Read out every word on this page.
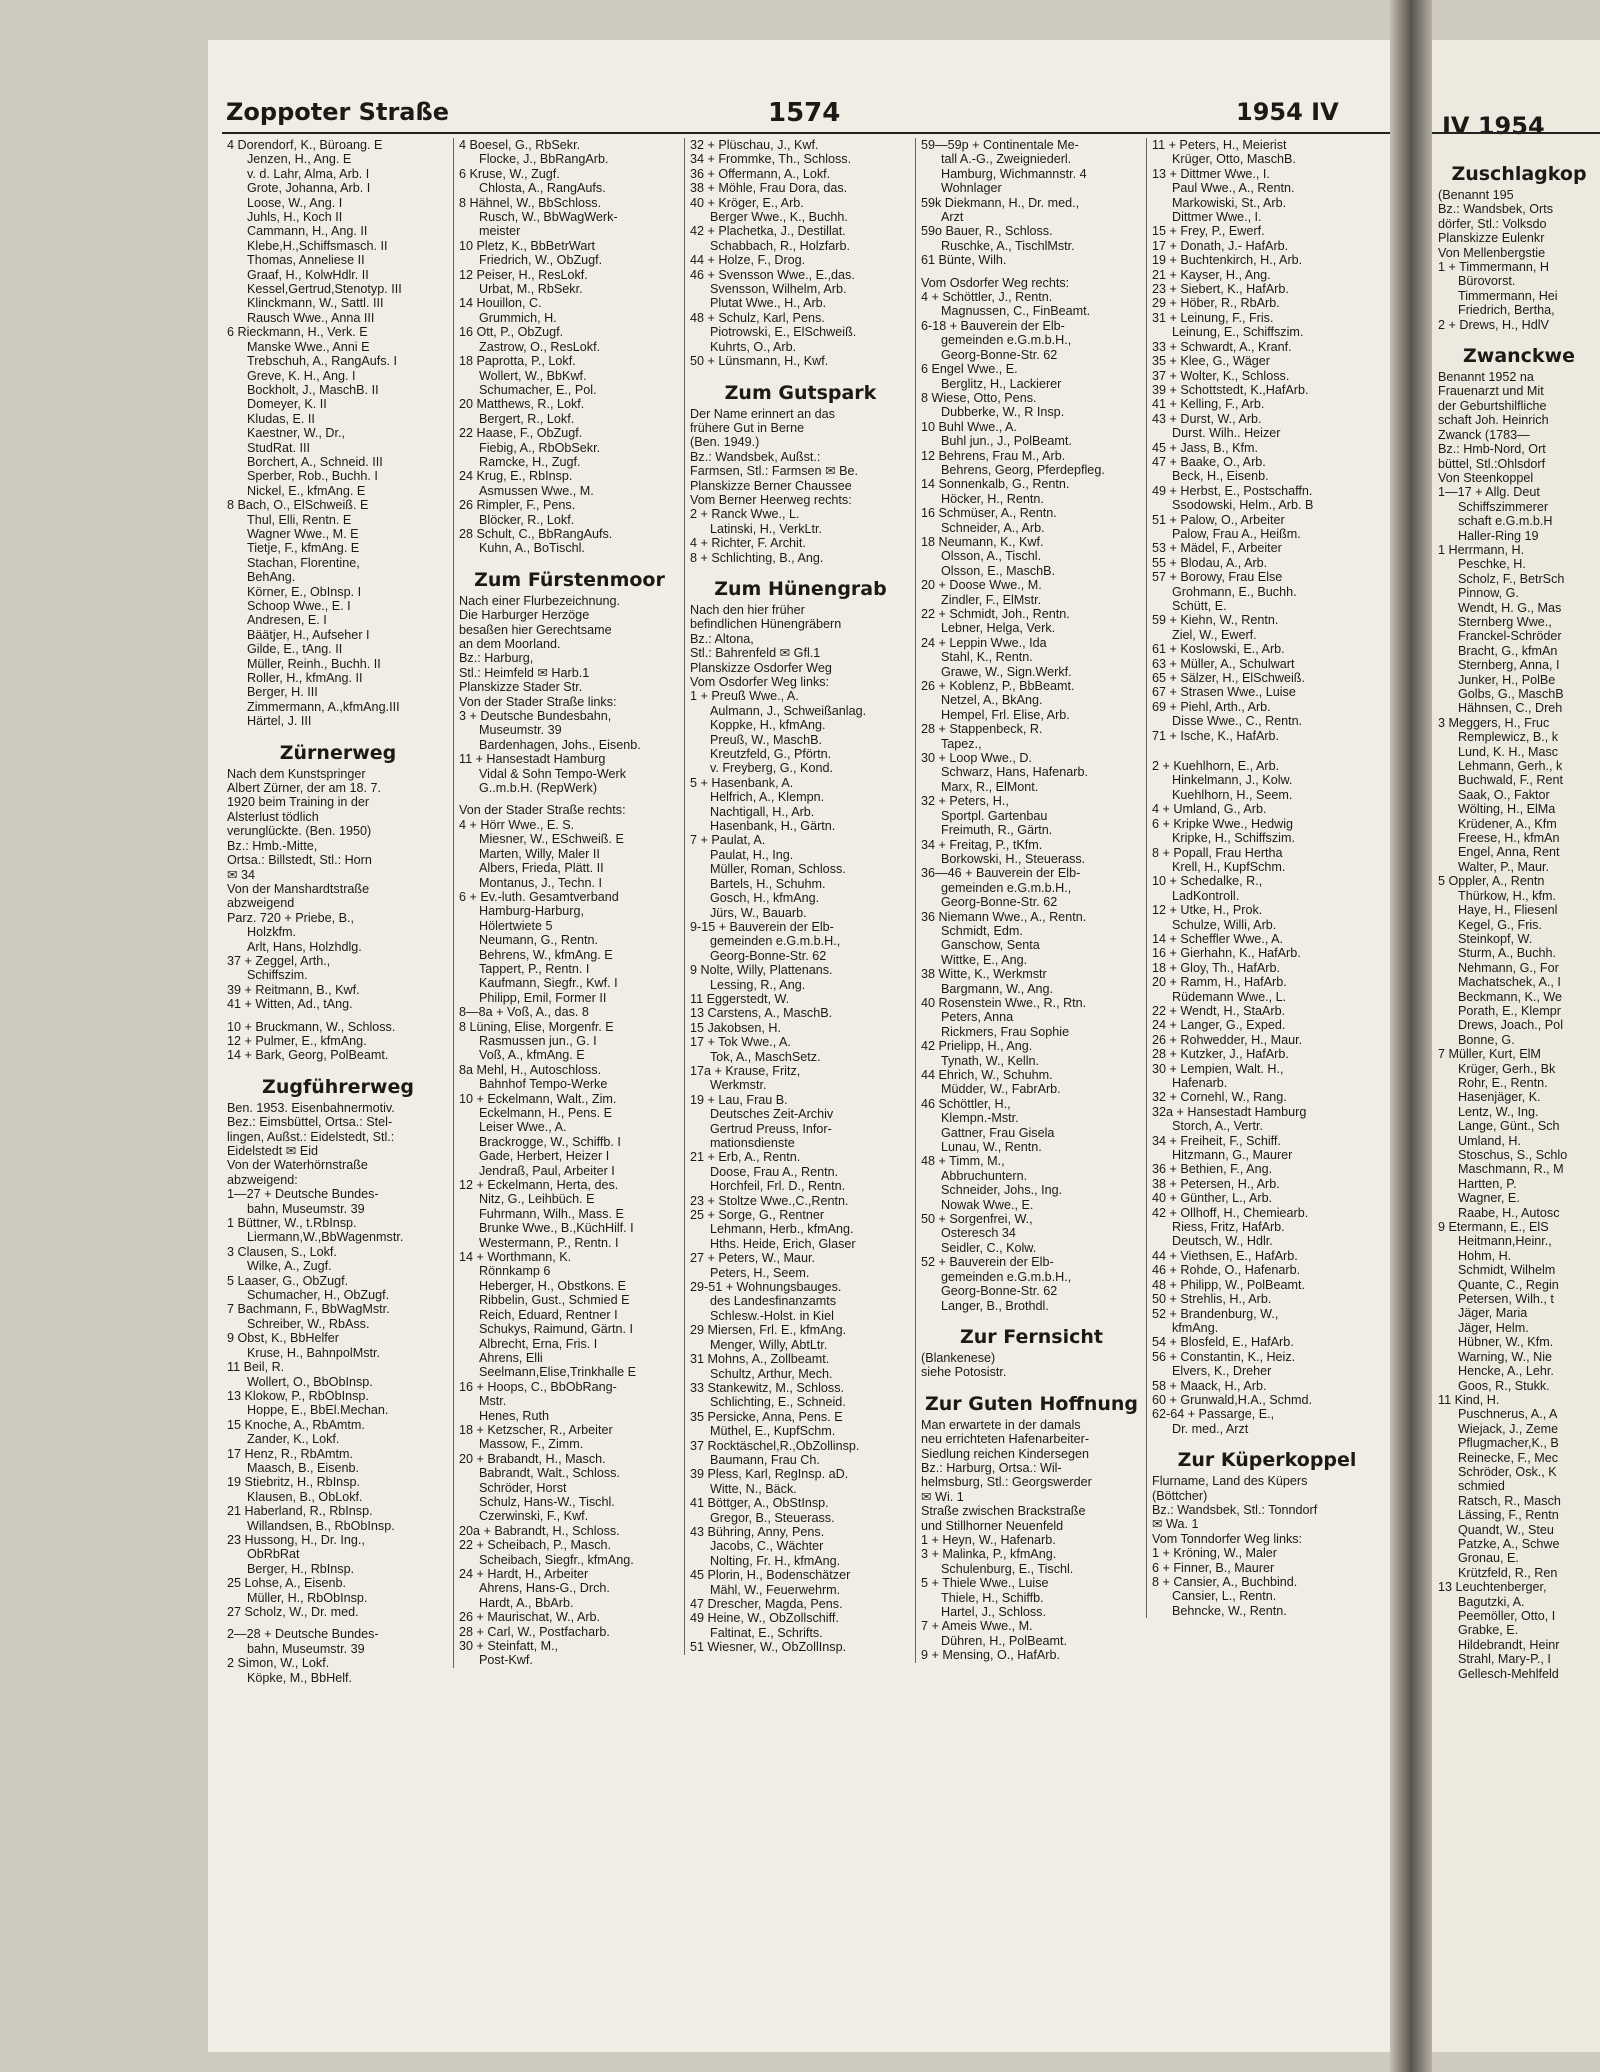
Zoppoter Straße	1574	1954 IV
4 Dorendorf, K., Büroang. E
Jenzen, H., Ang. E
v. d. Lahr, Alma, Arb. I
Grote, Johanna, Arb. I
Loose, W., Ang. I
Juhls, H., Koch II
Cammann, H., Ang. II
Klebe,H.,Schiffsmasch. II
Thomas, Anneliese II
Graaf, H., KolwHdlr. II
Kessel,Gertrud,Stenotyp. III
Klinckmann, W., Sattl. III
Rausch Wwe., Anna III
6 Rieckmann, H., Verk. E
Manske Wwe., Anni E
Trebschuh, A., RangAufs. I
Greve, K. H., Ang. I
Bockholt, J., MaschB. II
Domeyer, K. II
Kludas, E. II
Kaestner, W., Dr.,
StudRat. III
Borchert, A., Schneid. III
Sperber, Rob., Buchh. I
Nickel, E., kfmAng. E
8 Bach, O., ElSchweiß. E
Thul, Elli, Rentn. E
Wagner Wwe., M. E
Tietje, F., kfmAng. E
Stachan, Florentine,
BehAng.
Körner, E., ObInsp. I
Schoop Wwe., E. I
Andresen, E. I
Bäätjer, H., Aufseher I
Gilde, E., tAng. II
Müller, Reinh., Buchh. II
Roller, H., kfmAng. II
Berger, H. III
Zimmermann, A.,kfmAng.III
Härtel, J. III
Zürnerweg
Nach dem Kunstspringer
Albert Zürner, der am 18. 7.
1920 beim Training in der
Alsterlust tödlich
verunglückte. (Ben. 1950)
Bz.: Hmb.-Mitte,
Ortsa.: Billstedt, Stl.: Horn
✉ 34
Von der Manshardtstraße
abzweigend
Parz. 720 + Priebe, B.,
Holzkfm.
Arlt, Hans, Holzhdlg.
37 + Zeggel, Arth.,
Schiffszim.
39 + Reitmann, B., Kwf.
41 + Witten, Ad., tAng.
10 + Bruckmann, W., Schloss.
12 + Pulmer, E., kfmAng.
14 + Bark, Georg, PolBeamt.
Zugführerweg
Ben. 1953. Eisenbahnermotiv.
Bez.: Eimsbüttel, Ortsa.: Stel-
lingen, Außst.: Eidelstedt, Stl.:
Eidelstedt ✉ Eid
Von der Waterhörnstraße
abzweigend:
1—27 + Deutsche Bundes-
bahn, Museumstr. 39
1 Büttner, W., t.RbInsp.
Liermann,W.,BbWagenmstr.
3 Clausen, S., Lokf.
Wilke, A., Zugf.
5 Laaser, G., ObZugf.
Schumacher, H., ObZugf.
7 Bachmann, F., BbWagMstr.
Schreiber, W., RbAss.
9 Obst, K., BbHelfer
Kruse, H., BahnpolMstr.
11 Beil, R.
Wollert, O., BbObInsp.
13 Klokow, P., RbObInsp.
Hoppe, E., BbEl.Mechan.
15 Knoche, A., RbAmtm.
Zander, K., Lokf.
17 Henz, R., RbAmtm.
Maasch, B., Eisenb.
19 Stiebritz, H., RbInsp.
Klausen, B., ObLokf.
21 Haberland, R., RbInsp.
Willandsen, B., RbObInsp.
23 Hussong, H., Dr. Ing.,
ObRbRat
Berger, H., RbInsp.
25 Lohse, A., Eisenb.
Müller, H., RbObInsp.
27 Scholz, W., Dr. med.
2—28 + Deutsche Bundes-
bahn, Museumstr. 39
2 Simon, W., Lokf.
Köpke, M., BbHelf.
4 Boesel, G., RbSekr.
Flocke, J., BbRangArb.
6 Kruse, W., Zugf.
Chlosta, A., RangAufs.
8 Hähnel, W., BbSchloss.
Rusch, W., BbWagWerk-
meister
10 Pletz, K., BbBetrWart
Friedrich, W., ObZugf.
12 Peiser, H., ResLokf.
Urbat, M., RbSekr.
14 Houillon, C.
Grummich, H.
16 Ott, P., ObZugf.
Zastrow, O., ResLokf.
18 Paprotta, P., Lokf.
Wollert, W., BbKwf.
Schumacher, E., Pol.
20 Matthews, R., Lokf.
Bergert, R., Lokf.
22 Haase, F., ObZugf.
Fiebig, A., RbObSekr.
Ramcke, H., Zugf.
24 Krug, E., RbInsp.
Asmussen Wwe., M.
26 Rimpler, F., Pens.
Blöcker, R., Lokf.
28 Schult, C., BbRangAufs.
Kuhn, A., BoTischl.
Zum Fürstenmoor
Nach einer Flurbezeichnung.
Die Harburger Herzöge
besaßen hier Gerechtsame
an dem Moorland.
Bz.: Harburg,
Stl.: Heimfeld ✉ Harb.1
Planskizze Stader Str.
Von der Stader Straße links:
3 + Deutsche Bundesbahn,
Museumstr. 39
Bardenhagen, Johs., Eisenb.
11 + Hansestadt Hamburg
Vidal & Sohn Tempo-Werk
G..m.b.H. (RepWerk)
Von der Stader Straße rechts:
4 + Hörr Wwe., E. S.
Miesner, W., ESchweiß. E
Marten, Willy, Maler II
Albers, Frieda, Plätt. II
Montanus, J., Techn. I
6 + Ev.-luth. Gesamtverband
Hamburg-Harburg,
Hölertwiete 5
Neumann, G., Rentn.
Behrens, W., kfmAng. E
Tappert, P., Rentn. I
Kaufmann, Siegfr., Kwf. I
Philipp, Emil, Former II
8—8a + Voß, A., das. 8
8 Lüning, Elise, Morgenfr. E
Rasmussen jun., G. I
Voß, A., kfmAng. E
8a Mehl, H., Autoschloss.
Bahnhof Tempo-Werke
10 + Eckelmann, Walt., Zim.
Eckelmann, H., Pens. E
Leiser Wwe., A.
Brackrogge, W., Schiffb. I
Gade, Herbert, Heizer I
Jendraß, Paul, Arbeiter I
12 + Eckelmann, Herta, des.
Nitz, G., Leihbüch. E
Fuhrmann, Wilh., Mass. E
Brunke Wwe., B.,KüchHilf. I
Westermann, P., Rentn. I
14 + Worthmann, K.
Rönnkamp 6
Heberger, H., Obstkons. E
Ribbelin, Gust., Schmied E
Reich, Eduard, Rentner I
Schukys, Raimund, Gärtn. I
Albrecht, Erna, Fris. I
Ahrens, Elli
Seelmann,Elise,Trinkhalle E
16 + Hoops, C., BbObRang-
Mstr.
Henes, Ruth
18 + Ketzscher, R., Arbeiter
Massow, F., Zimm.
20 + Brabandt, H., Masch.
Babrandt, Walt., Schloss.
Schröder, Horst
Schulz, Hans-W., Tischl.
Czerwinski, F., Kwf.
20a + Babrandt, H., Schloss.
22 + Scheibach, P., Masch.
Scheibach, Siegfr., kfmAng.
24 + Hardt, H., Arbeiter
Ahrens, Hans-G., Drch.
Hardt, A., BbArb.
26 + Maurischat, W., Arb.
28 + Carl, W., Postfacharb.
30 + Steinfatt, M.,
Post-Kwf.
32 + Plüschau, J., Kwf.
34 + Frommke, Th., Schloss.
36 + Offermann, A., Lokf.
38 + Möhle, Frau Dora, das.
40 + Kröger, E., Arb.
Berger Wwe., K., Buchh.
42 + Plachetka, J., Destillat.
Schabbach, R., Holzfarb.
44 + Holze, F., Drog.
46 + Svensson Wwe., E.,das.
Svensson, Wilhelm, Arb.
Plutat Wwe., H., Arb.
48 + Schulz, Karl, Pens.
Piotrowski, E., ElSchweiß.
Kuhrts, O., Arb.
50 + Lünsmann, H., Kwf.
Zum Gutspark
Der Name erinnert an das
frühere Gut in Berne
(Ben. 1949.)
Bz.: Wandsbek, Außst.:
Farmsen, Stl.: Farmsen ✉ Be.
Planskizze Berner Chaussee
Vom Berner Heerweg rechts:
2 + Ranck Wwe., L.
Latinski, H., VerkLtr.
4 + Richter, F. Archit.
8 + Schlichting, B., Ang.
Zum Hünengrab
Nach den hier früher
befindlichen Hünengräbern
Bz.: Altona,
Stl.: Bahrenfeld ✉ Gfl.1
Planskizze Osdorfer Weg
Vom Osdorfer Weg links:
1 + Preuß Wwe., A.
Aulmann, J., Schweißanlag.
Koppke, H., kfmAng.
Preuß, W., MaschB.
Kreutzfeld, G., Pförtn.
v. Freyberg, G., Kond.
5 + Hasenbank, A.
Helfrich, A., Klempn.
Nachtigall, H., Arb.
Hasenbank, H., Gärtn.
7 + Paulat, A.
Paulat, H., Ing.
Müller, Roman, Schloss.
Bartels, H., Schuhm.
Gosch, H., kfmAng.
Jürs, W., Bauarb.
9-15 + Bauverein der Elb-
gemeinden e.G.m.b.H.,
Georg-Bonne-Str. 62
9 Nolte, Willy, Plattenans.
Lessing, R., Ang.
11 Eggerstedt, W.
13 Carstens, A., MaschB.
15 Jakobsen, H.
17 + Tok Wwe., A.
Tok, A., MaschSetz.
17a + Krause, Fritz,
Werkmstr.
19 + Lau, Frau B.
Deutsches Zeit-Archiv
Gertrud Preuss, Infor-
mationsdienste
21 + Erb, A., Rentn.
Doose, Frau A., Rentn.
Horchfeil, Frl. D., Rentn.
23 + Stoltze Wwe.,C.,Rentn.
25 + Sorge, G., Rentner
Lehmann, Herb., kfmAng.
Hths. Heide, Erich, Glaser
27 + Peters, W., Maur.
Peters, H., Seem.
29-51 + Wohnungsbauges.
des Landesfinanzamts
Schlesw.-Holst. in Kiel
29 Miersen, Frl. E., kfmAng.
Menger, Willy, AbtLtr.
31 Mohns, A., Zollbeamt.
Schultz, Arthur, Mech.
33 Stankewitz, M., Schloss.
Schlichting, E., Schneid.
35 Persicke, Anna, Pens. E
Müthel, E., KupfSchm.
37 Rocktäschel,R.,ObZollinsp.
Baumann, Frau Ch.
39 Pless, Karl, RegInsp. aD.
Witte, N., Bäck.
41 Böttger, A., ObStInsp.
Gregor, B., Steuerass.
43 Bühring, Anny, Pens.
Jacobs, C., Wächter
Nolting, Fr. H., kfmAng.
45 Plorin, H., Bodenschätzer
Mähl, W., Feuerwehrm.
47 Drescher, Magda, Pens.
49 Heine, W., ObZollschiff.
Faltinat, E., Schrifts.
51 Wiesner, W., ObZollInsp.
59—59p + Continentale Me-
tall A.-G., Zweigniederl.
Hamburg, Wichmannstr. 4
Wohnlager
59k Diekmann, H., Dr. med.,
Arzt
59o Bauer, R., Schloss.
Ruschke, A., TischlMstr.
61 Bünte, Wilh.
Vom Osdorfer Weg rechts:
4 + Schöttler, J., Rentn.
Magnussen, C., FinBeamt.
6-18 + Bauverein der Elb-
gemeinden e.G.m.b.H.,
Georg-Bonne-Str. 62
6 Engel Wwe., E.
Berglitz, H., Lackierer
8 Wiese, Otto, Pens.
Dubberke, W., R Insp.
10 Buhl Wwe., A.
Buhl jun., J., PolBeamt.
12 Behrens, Frau M., Arb.
Behrens, Georg, Pferdepfleg.
14 Sonnenkalb, G., Rentn.
Höcker, H., Rentn.
16 Schmüser, A., Rentn.
Schneider, A., Arb.
18 Neumann, K., Kwf.
Olsson, A., Tischl.
Olsson, E., MaschB.
20 + Doose Wwe., M.
Zindler, F., ElMstr.
22 + Schmidt, Joh., Rentn.
Lebner, Helga, Verk.
24 + Leppin Wwe., Ida
Stahl, K., Rentn.
Grawe, W., Sign.Werkf.
26 + Koblenz, P., BbBeamt.
Netzel, A., BkAng.
Hempel, Frl. Elise, Arb.
28 + Stappenbeck, R.
Tapez.,
30 + Loop Wwe., D.
Schwarz, Hans, Hafenarb.
Marx, R., ElMont.
32 + Peters, H.,
Sportpl. Gartenbau
Freimuth, R., Gärtn.
34 + Freitag, P., tKfm.
Borkowski, H., Steuerass.
36—46 + Bauverein der Elb-
gemeinden e.G.m.b.H.,
Georg-Bonne-Str. 62
36 Niemann Wwe., A., Rentn.
Schmidt, Edm.
Ganschow, Senta
Wittke, E., Ang.
38 Witte, K., Werkmstr
Bargmann, W., Ang.
40 Rosenstein Wwe., R., Rtn.
Peters, Anna
Rickmers, Frau Sophie
42 Prielipp, H., Ang.
Tynath, W., Kelln.
44 Ehrich, W., Schuhm.
Müdder, W., FabrArb.
46 Schöttler, H.,
Klempn.-Mstr.
Gattner, Frau Gisela
Lunau, W., Rentn.
48 + Timm, M.,
Abbruchuntern.
Schneider, Johs., Ing.
Nowak Wwe., E.
50 + Sorgenfrei, W.,
Osteresch 34
Seidler, C., Kolw.
52 + Bauverein der Elb-
gemeinden e.G.m.b.H.,
Georg-Bonne-Str. 62
Langer, B., Brothdl.
Zur Fernsicht
(Blankenese)
siehe Potosistr.
Zur Guten Hoffnung
Man erwartete in der damals
neu errichteten Hafenarbeiter-
Siedlung reichen Kindersegen
Bz.: Harburg, Ortsa.: Wil-
helmsburg, Stl.: Georgswerder
✉ Wi. 1
Straße zwischen Brackstraße
und Stillhorner Neuenfeld
1 + Heyn, W., Hafenarb.
3 + Malinka, P., kfmAng.
Schulenburg, E., Tischl.
5 + Thiele Wwe., Luise
Thiele, H., Schiffb.
Hartel, J., Schloss.
7 + Ameis Wwe., M.
Dühren, H., PolBeamt.
9 + Mensing, O., HafArb.
11 + Peters, H., Meierist
Krüger, Otto, MaschB.
13 + Dittmer Wwe., I.
Paul Wwe., A., Rentn.
Markowiski, St., Arb.
Dittmer Wwe., I.
15 + Frey, P., Ewerf.
17 + Donath, J.- HafArb.
19 + Buchtenkirch, H., Arb.
21 + Kayser, H., Ang.
23 + Siebert, K., HafArb.
29 + Höber, R., RbArb.
31 + Leinung, F., Fris.
Leinung, E., Schiffszim.
33 + Schwardt, A., Kranf.
35 + Klee, G., Wäger
37 + Wolter, K., Schloss.
39 + Schottstedt, K.,HafArb.
41 + Kelling, F., Arb.
43 + Durst, W., Arb.
Durst. Wilh.. Heizer
45 + Jass, B., Kfm.
47 + Baake, O., Arb.
Beck, H., Eisenb.
49 + Herbst, E., Postschaffn.
Ssodowski, Helm., Arb. B
51 + Palow, O., Arbeiter
Palow, Frau A., Heißm.
53 + Mädel, F., Arbeiter
55 + Blodau, A., Arb.
57 + Borowy, Frau Else
Grohmann, E., Buchh.
Schütt, E.
59 + Kiehn, W., Rentn.
Ziel, W., Ewerf.
61 + Koslowski, E., Arb.
63 + Müller, A., Schulwart
65 + Sälzer, H., ElSchweiß.
67 + Strasen Wwe., Luise
69 + Piehl, Arth., Arb.
Disse Wwe., C., Rentn.
71 + Ische, K., HafArb.
2 + Kuehlhorn, E., Arb.
Hinkelmann, J., Kolw.
Kuehlhorn, H., Seem.
4 + Umland, G., Arb.
6 + Kripke Wwe., Hedwig
Kripke, H., Schiffszim.
8 + Popall, Frau Hertha
Krell, H., KupfSchm.
10 + Schedalke, R.,
LadKontroll.
12 + Utke, H., Prok.
Schulze, Willi, Arb.
14 + Scheffler Wwe., A.
16 + Gierhahn, K., HafArb.
18 + Gloy, Th., HafArb.
20 + Ramm, H., HafArb.
Rüdemann Wwe., L.
22 + Wendt, H., StaArb.
24 + Langer, G., Exped.
26 + Rohwedder, H., Maur.
28 + Kutzker, J., HafArb.
30 + Lempien, Walt. H.,
Hafenarb.
32 + Cornehl, W., Rang.
32a + Hansestadt Hamburg
Storch, A., Vertr.
34 + Freiheit, F., Schiff.
Hitzmann, G., Maurer
36 + Bethien, F., Ang.
38 + Petersen, H., Arb.
40 + Günther, L., Arb.
42 + Ollhoff, H., Chemiearb.
Riess, Fritz, HafArb.
Deutsch, W., Hdlr.
44 + Viethsen, E., HafArb.
46 + Rohde, O., Hafenarb.
48 + Philipp, W., PolBeamt.
50 + Strehlis, H., Arb.
52 + Brandenburg, W.,
kfmAng.
54 + Blosfeld, E., HafArb.
56 + Constantin, K., Heiz.
Elvers, K., Dreher
58 + Maack, H., Arb.
60 + Grunwald,H.A., Schmd.
62-64 + Passarge, E.,
Dr. med., Arzt
Zur Küperkoppel
Flurname, Land des Küpers
(Böttcher)
Bz.: Wandsbek, Stl.: Tonndorf
✉ Wa. 1
Vom Tonndorfer Weg links:
1 + Kröning, W., Maler
6 + Finner, B., Maurer
8 + Cansier, A., Buchbind.
Cansier, L., Rentn.
Behncke, W., Rentn.
IV 1954
Zuschlagkop
(Benannt 195
Bz.: Wandsbek, Orts
dörfer, Stl.: Volksdo
Planskizze Eulenkr
Von Mellenbergstie
1 + Timmermann, H
Bürovorst.
Timmermann, Hei
Friedrich, Bertha,
2 + Drews, H., HdlV
Zwanckwe
Benannt 1952 na
Frauenarzt und Mit
der Geburtshilfliche
schaft Joh. Heinrich
Zwanck (1783—
Bz.: Hmb-Nord, Ort
büttel, Stl.:Ohlsdorf
Von Steenkoppel
1—17 + Allg. Deut
Schiffszimmerer
schaft e.G.m.b.H
Haller-Ring 19
1 Herrmann, H.
Peschke, H.
Scholz, F., BetrSch
Pinnow, G.
Wendt, H. G., Mas
Sternberg Wwe.,
Franckel-Schröder
Bracht, G., kfmAn
Sternberg, Anna, I
Junker, H., PolBe
Golbs, G., MaschB
Hähnsen, C., Dreh
3 Meggers, H., Fruc
Remplewicz, B., k
Lund, K. H., Masc
Lehmann, Gerh., k
Buchwald, F., Rent
Saak, O., Faktor
Wölting, H., ElMa
Krüdener, A., Kfm
Freese, H., kfmAn
Engel, Anna, Rent
Walter, P., Maur.
5 Oppler, A., Rentn
Thürkow, H., kfm.
Haye, H., Fliesenl
Kegel, G., Fris.
Steinkopf, W.
Sturm, A., Buchh.
Nehmann, G., For
Machatschek, A., I
Beckmann, K., We
Porath, E., Klempr
Drews, Joach., Pol
Bonne, G.
7 Müller, Kurt, ElM
Krüger, Gerh., Bk
Rohr, E., Rentn.
Hasenjäger, K.
Lentz, W., Ing.
Lange, Günt., Sch
Umland, H.
Stoschus, S., Schlo
Maschmann, R., M
Hartten, P.
Wagner, E.
Raabe, H., Autosc
9 Etermann, E., ElS
Heitmann,Heinr.,
Hohm, H.
Schmidt, Wilhelm
Quante, C., Regin
Petersen, Wilh., t
Jäger, Maria
Jäger, Helm.
Hübner, W., Kfm.
Warning, W., Nie
Hencke, A., Lehr.
Goos, R., Stukk.
11 Kind, H.
Puschnerus, A., A
Wiejack, J., Zeme
Pflugmacher,K., B
Reinecke, F., Mec
Schröder, Osk., K
schmied
Ratsch, R., Masch
Lässing, F., Rentn
Quandt, W., Steu
Patzke, A., Schwe
Gronau, E.
Krützfeld, R., Ren
13 Leuchtenberger,
Bagutzki, A.
Peemöller, Otto, I
Grabke, E.
Hildebrandt, Heinr
Strahl, Mary-P., I
Gellesch-Mehlfeld
